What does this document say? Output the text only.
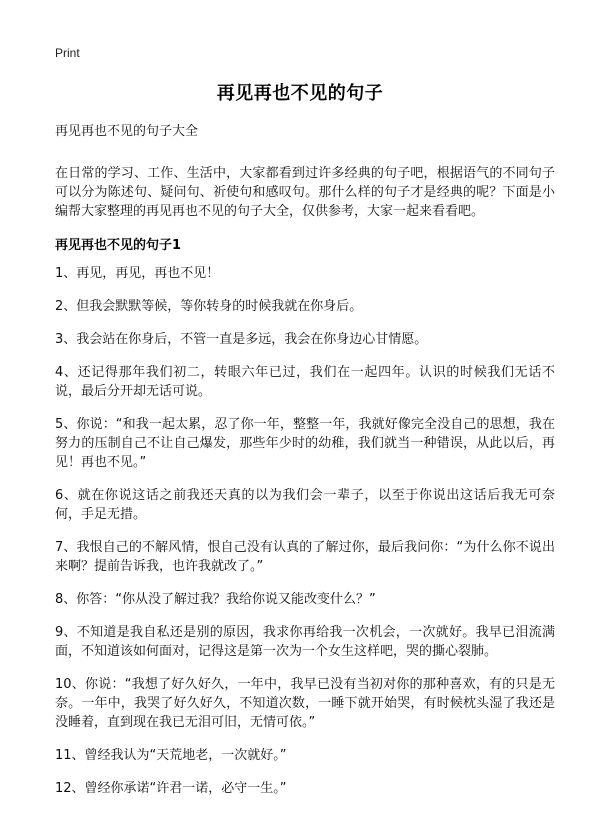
Print
再见再也不见的句子
再见再也不见的句子大全

在日常的学习、工作、生活中，大家都看到过许多经典的句子吧，根据语气的不同句子可以分为陈述句、疑问句、祈使句和感叹句。那什么样的句子才是经典的呢？下面是小编帮大家整理的再见再也不见的句子大全，仅供参考，大家一起来看看吧。

再见再也不见的句子1
1、再见，再见，再也不见！
2、但我会默默等候，等你转身的时候我就在你身后。
3、我会站在你身后，不管一直是多远，我会在你身边心甘情愿。
4、还记得那年我们初二，转眼六年已过，我们在一起四年。认识的时候我们无话不说，最后分开却无话可说。
5、你说：“和我一起太累，忍了你一年，整整一年，我就好像完全没自己的思想，我在努力的压制自己不让自己爆发，那些年少时的幼稚，我们就当一种错误，从此以后，再见！再也不见。”
6、就在你说这话之前我还天真的以为我们会一辈子，以至于你说出这话后我无可奈何，手足无措。
7、我恨自己的不解风情，恨自己没有认真的了解过你，最后我问你：“为什么你不说出来啊？提前告诉我，也许我就改了。”
8、你答：“你从没了解过我？我给你说又能改变什么？”
9、不知道是我自私还是别的原因，我求你再给我一次机会，一次就好。我早已泪流满面，不知道该如何面对，记得这是第一次为一个女生这样吧，哭的撕心裂肺。
10、你说：“我想了好久好久，一年中，我早已没有当初对你的那种喜欢，有的只是无奈。一年中，我哭了好久好久，不知道次数，一睡下就开始哭，有时候枕头湿了我还是没睡着，直到现在我已无泪可旧，无情可依。”
11、曾经我认为“天荒地老，一次就好。”
12、曾经你承诺“许君一诺，必守一生。”
